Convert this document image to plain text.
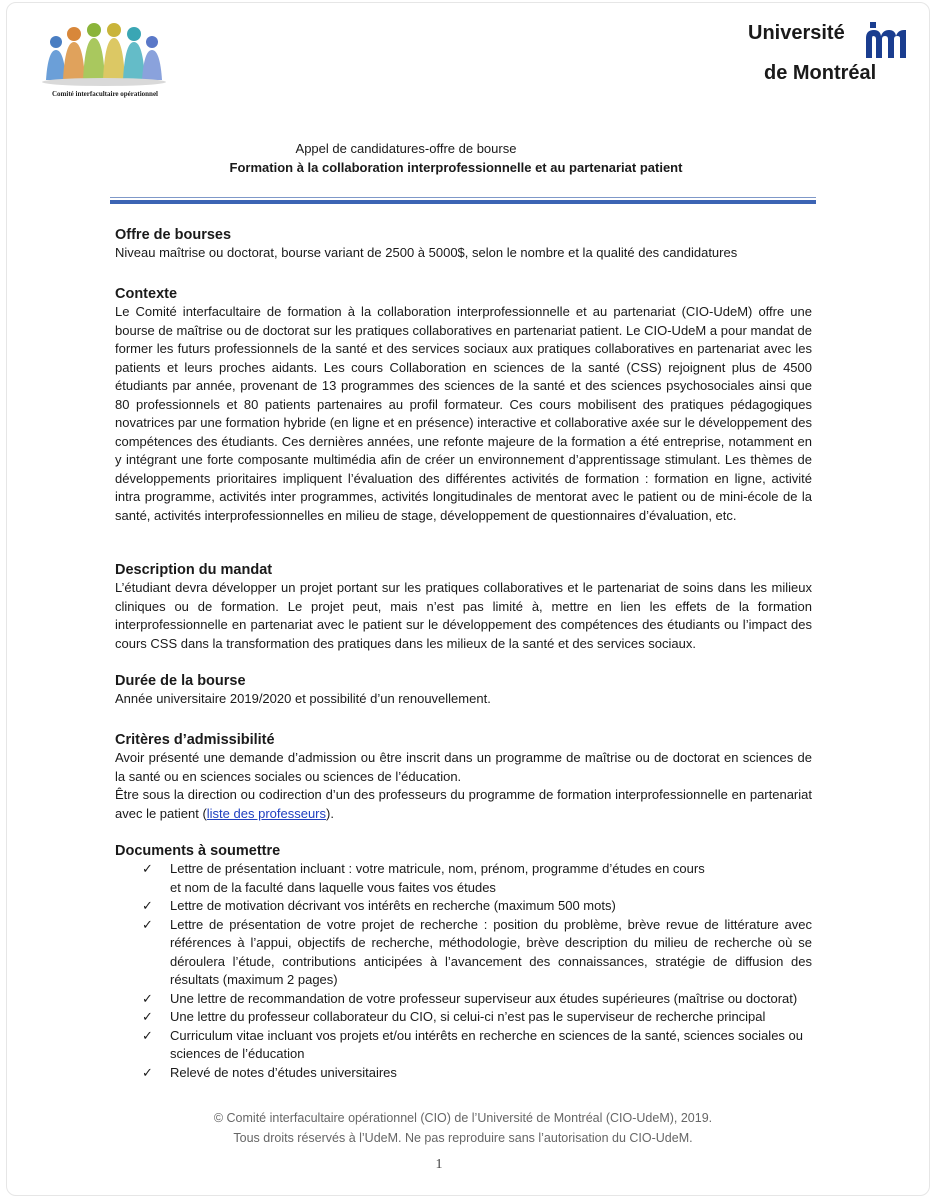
Comité interfacultaire opérationnel
Université
de Montréal
Appel de candidatures-offre de bourse
Formation à la collaboration interprofessionnelle et au partenariat patient

Offre de bourses

Niveau maîtrise ou doctorat, bourse variant de 2500 à 5000$, selon le nombre et la qualité des candidatures

Contexte

Le Comité interfacultaire de formation à la collaboration interprofessionnelle et au partenariat (CIO-UdeM) offre une bourse de maîtrise ou de doctorat sur les pratiques collaboratives en partenariat patient. Le CIO-UdeM a pour mandat de former les futurs professionnels de la santé et des services sociaux aux pratiques collaboratives en partenariat avec les patients et leurs proches aidants. Les cours Collaboration en sciences de la santé (CSS) rejoignent plus de 4500 étudiants par année, provenant de 13 programmes des sciences de la santé et des sciences psychosociales ainsi que 80 professionnels et 80 patients partenaires au profil formateur. Ces cours mobilisent des pratiques pédagogiques novatrices par une formation hybride (en ligne et en présence) interactive et collaborative axée sur le développement des compétences des étudiants. Ces dernières années, une refonte majeure de la formation a été entreprise, notamment en y intégrant une forte composante multimédia afin de créer un environnement d’apprentissage stimulant. Les thèmes de développements prioritaires impliquent l’évaluation des différentes activités de formation : formation en ligne, activité intra programme, activités inter programmes, activités longitudinales de mentorat avec le patient ou de mini-école de la santé, activités interprofessionnelles en milieu de stage, développement de questionnaires d’évaluation, etc.

Description du mandat

L’étudiant devra développer un projet portant sur les pratiques collaboratives et le partenariat de soins dans les milieux cliniques ou de formation. Le projet peut, mais n’est pas limité à, mettre en lien les effets de la formation interprofessionnelle en partenariat avec le patient sur le développement des compétences des étudiants ou l’impact des cours CSS dans la transformation des pratiques dans les milieux de la santé et des services sociaux.

Durée de la bourse

Année universitaire 2019/2020 et possibilité d’un renouvellement.

Critères d’admissibilité

Avoir présenté une demande d’admission ou être inscrit dans un programme de maîtrise ou de doctorat en sciences de la santé ou en sciences sociales ou sciences de l’éducation.

Être sous la direction ou codirection d’un des professeurs du programme de formation interprofessionnelle en partenariat avec le patient (liste des professeurs).

Documents à soumettre

✓ Lettre de présentation incluant : votre matricule, nom, prénom, programme d’études en cours
et nom de la faculté dans laquelle vous faites vos études
✓ Lettre de motivation décrivant vos intérêts en recherche (maximum 500 mots)
✓ Lettre de présentation de votre projet de recherche : position du problème, brève revue de littérature avec références à l’appui, objectifs de recherche, méthodologie, brève description du milieu de recherche où se déroulera l’étude, contributions anticipées à l’avancement des connaissances, stratégie de diffusion des résultats (maximum 2 pages)
✓ Une lettre de recommandation de votre professeur superviseur aux études supérieures (maîtrise ou doctorat)
✓ Une lettre du professeur collaborateur du CIO, si celui-ci n’est pas le superviseur de recherche principal
✓ Curriculum vitae incluant vos projets et/ou intérêts en recherche en sciences de la santé, sciences sociales ou sciences de l’éducation
✓ Relevé de notes d’études universitaires
© Comité interfacultaire opérationnel (CIO) de l’Université de Montréal (CIO-UdeM), 2019.
Tous droits réservés à l’UdeM. Ne pas reproduire sans l’autorisation du CIO-UdeM.
1
